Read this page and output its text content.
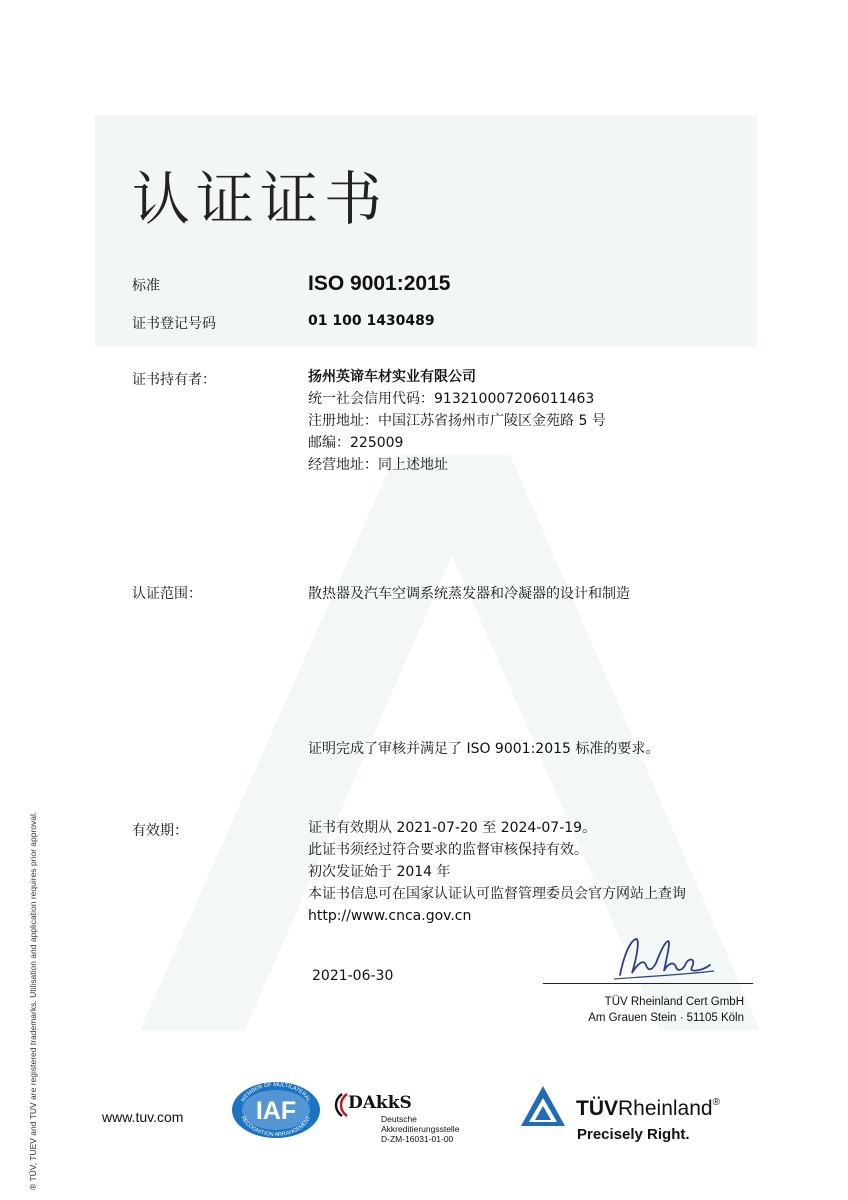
认证证书
标准	ISO 9001:2015
证书登记号码	01 100 1430489
证书持有者：	扬州英谛车材实业有限公司
统一社会信用代码：913210007206011463
注册地址：中国江苏省扬州市广陵区金苑路 5 号
邮编：225009
经营地址：同上述地址
认证范围：	散热器及汽车空调系统蒸发器和冷凝器的设计和制造
证明完成了审核并满足了 ISO 9001:2015 标准的要求。
有效期：	证书有效期从 2021-07-20 至 2024-07-19。
此证书须经过符合要求的监督审核保持有效。
初次发证始于 2014 年
本证书信息可在国家认证认可监督管理委员会官方网站上查询
http://www.cnca.gov.cn
2021-06-30
TÜV Rheinland Cert GmbH
Am Grauen Stein · 51105 Köln
® TÜV, TUEV and TUV are registered trademarks. Utilisation and application requires prior approval.	www.tuv.com
MEMBER OF MULTILATERAL
RECOGNITION ARRANGEMENT
IAF	DAkkS
Deutsche
Akkreditierungsstelle
D-ZM-16031-01-00
TÜVRheinland®
Precisely Right.
